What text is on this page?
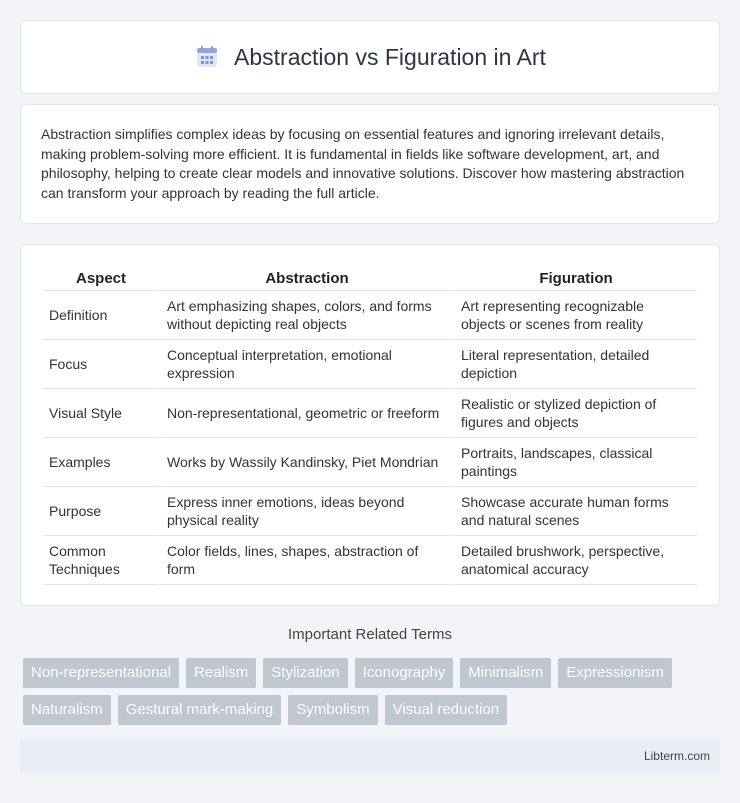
Abstraction vs Figuration in Art

Abstraction simplifies complex ideas by focusing on essential features and ignoring irrelevant details, making problem-solving more efficient. It is fundamental in fields like software development, art, and philosophy, helping to create clear models and innovative solutions. Discover how mastering abstraction can transform your approach by reading the full article.

Aspect	Abstraction	Figuration
Definition	Art emphasizing shapes, colors, and forms without depicting real objects	Art representing recognizable objects or scenes from reality
Focus	Conceptual interpretation, emotional expression	Literal representation, detailed depiction
Visual Style	Non-representational, geometric or freeform	Realistic or stylized depiction of figures and objects
Examples	Works by Wassily Kandinsky, Piet Mondrian	Portraits, landscapes, classical paintings
Purpose	Express inner emotions, ideas beyond physical reality	Showcase accurate human forms and natural scenes
Common Techniques	Color fields, lines, shapes, abstraction of form	Detailed brushwork, perspective, anatomical accuracy
Important Related Terms
Non-representational	Realism	Stylization	Iconography	Minimalism	Expressionism
Naturalism	Gestural mark-making	Symbolism	Visual reduction
Libterm.com
